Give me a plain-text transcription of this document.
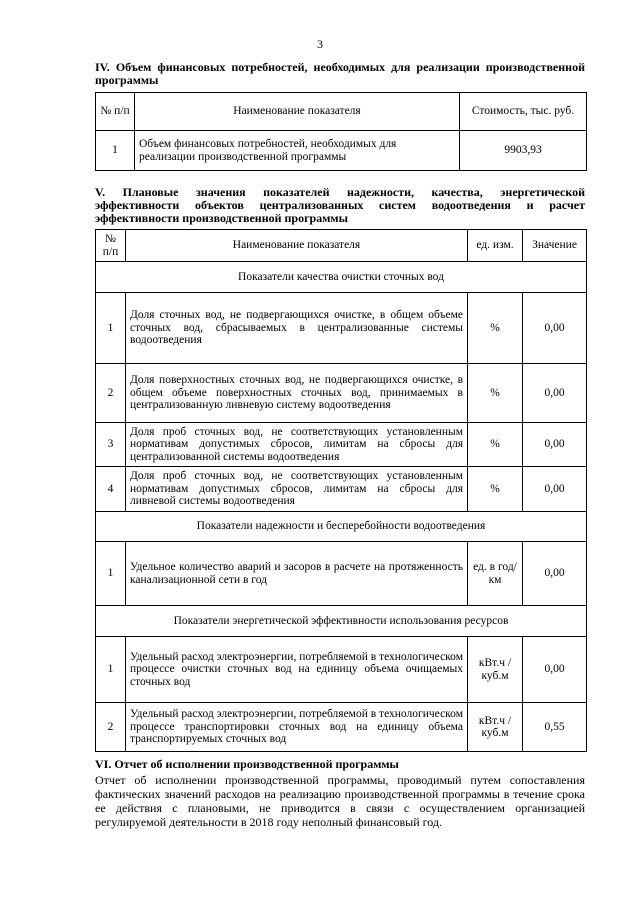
3
IV. Объем финансовых потребностей, необходимых для реализации производственной программы
№ п/п	Наименование показателя	Стоимость, тыс. руб.
1	Объем финансовых потребностей, необходимых для реализации производственной программы	9903,93
V. Плановые значения показателей надежности, качества, энергетической эффективности объектов централизованных систем водоотведения и расчет эффективности производственной программы
№ п/п	Наименование показателя	ед. изм.	Значение
Показатели качества очистки сточных вод			
1	Доля сточных вод, не подвергающихся очистке, в общем объеме сточных вод, сбрасываемых в централизованные системы водоотведения	%	0,00
2	Доля поверхностных сточных вод, не подвергающихся очистке, в общем объеме поверхностных сточных вод, принимаемых в централизованную ливневую систему водоотведения	%	0,00
3	Доля проб сточных вод, не соответствующих установленным нормативам допустимых сбросов, лимитам на сбросы для централизованной системы водоотведения	%	0,00
4	Доля проб сточных вод, не соответствующих установленным нормативам допустимых сбросов, лимитам на сбросы для ливневой системы водоотведения	%	0,00
Показатели надежности и бесперебойности водоотведения			
1	Удельное количество аварий и засоров в расчете на протяженность канализационной сети в год	ед. в год/ км	0,00
Показатели энергетической эффективности использования ресурсов			
1	Удельный расход электроэнергии, потребляемой в технологическом процессе очистки сточных вод на единицу объема очищаемых сточных вод	кВт.ч / куб.м	0,00
2	Удельный расход электроэнергии, потребляемой в технологическом процессе транспортировки сточных вод на единицу объема транспортируемых сточных вод	кВт.ч / куб.м	0,55
VI. Отчет об исполнении производственной программы
Отчет об исполнении производственной программы, проводимый путем сопоставления фактических значений расходов на реализацию производственной программы в течение срока ее действия с плановыми, не приводится в связи с осуществлением организацией регулируемой деятельности в 2018 году неполный финансовый год.
